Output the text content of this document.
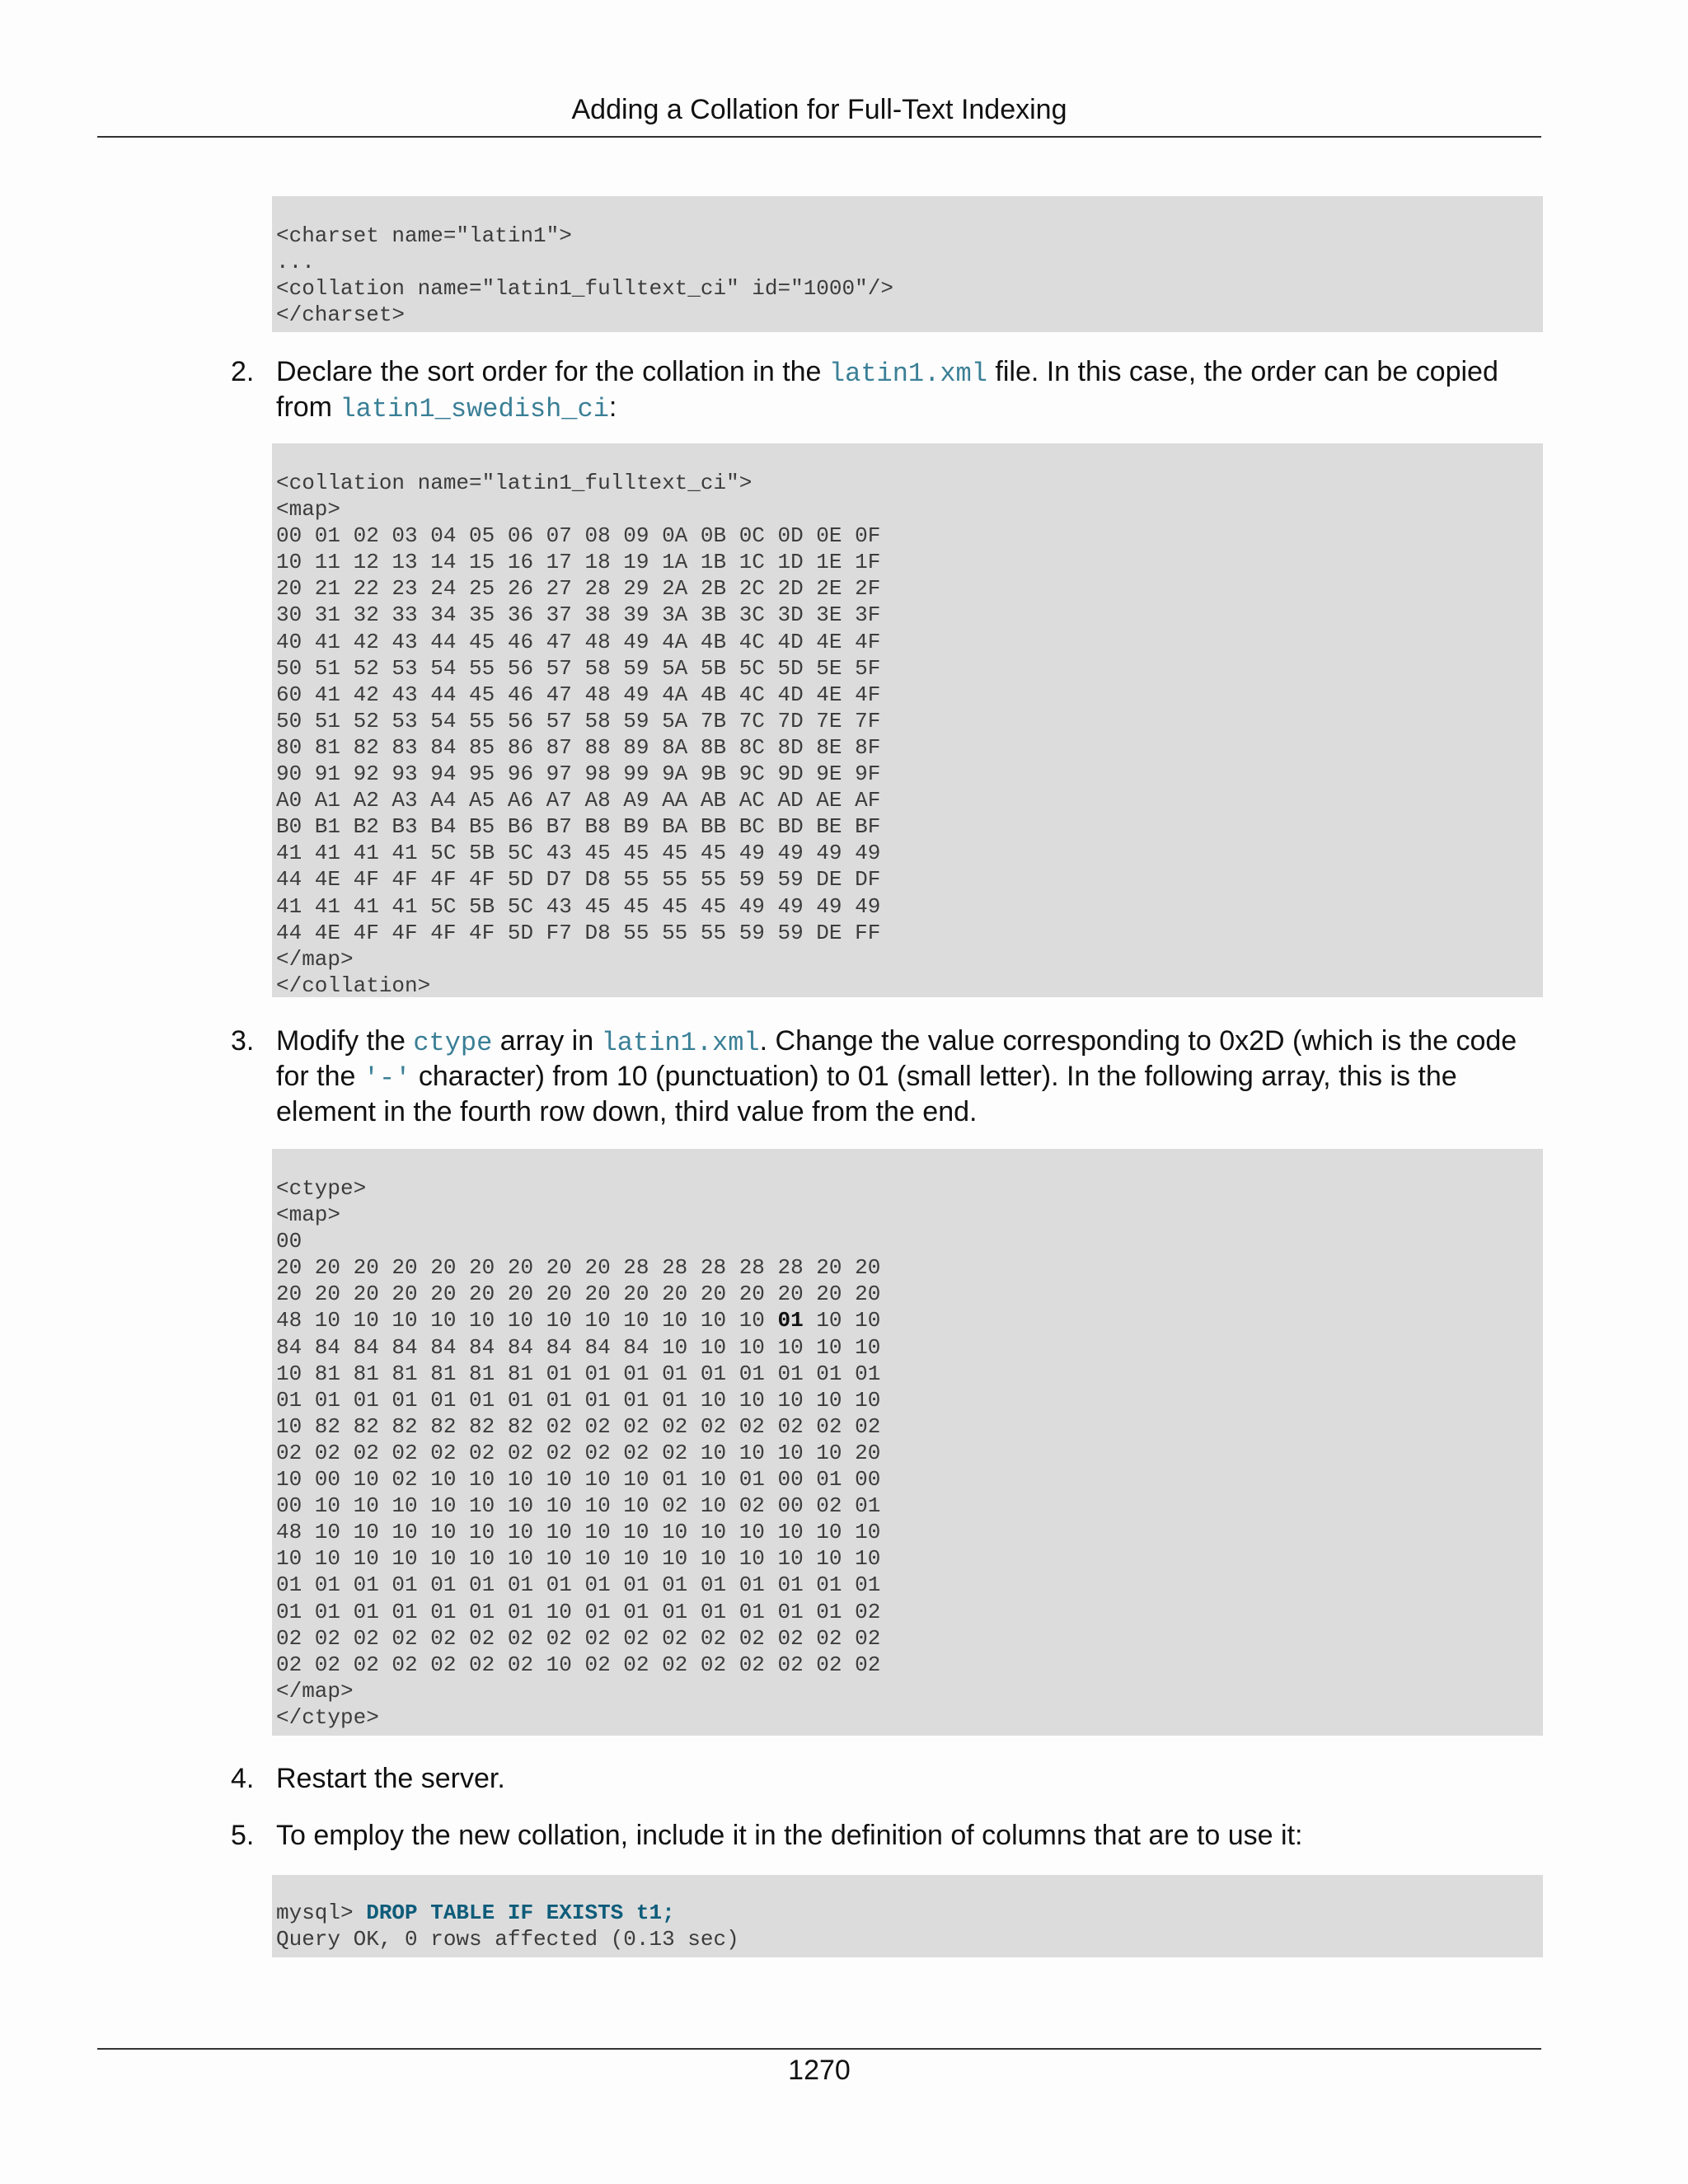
Adding a Collation for Full-Text Indexing
<charset name="latin1">
...
<collation name="latin1_fulltext_ci" id="1000"/>
</charset>
2. Declare the sort order for the collation in the latin1.xml file. In this case, the order can be copied from latin1_swedish_ci:
<collation name="latin1_fulltext_ci">
<map>
00 01 02 03 04 05 06 07 08 09 0A 0B 0C 0D 0E 0F
10 11 12 13 14 15 16 17 18 19 1A 1B 1C 1D 1E 1F
20 21 22 23 24 25 26 27 28 29 2A 2B 2C 2D 2E 2F
30 31 32 33 34 35 36 37 38 39 3A 3B 3C 3D 3E 3F
40 41 42 43 44 45 46 47 48 49 4A 4B 4C 4D 4E 4F
50 51 52 53 54 55 56 57 58 59 5A 5B 5C 5D 5E 5F
60 41 42 43 44 45 46 47 48 49 4A 4B 4C 4D 4E 4F
50 51 52 53 54 55 56 57 58 59 5A 7B 7C 7D 7E 7F
80 81 82 83 84 85 86 87 88 89 8A 8B 8C 8D 8E 8F
90 91 92 93 94 95 96 97 98 99 9A 9B 9C 9D 9E 9F
A0 A1 A2 A3 A4 A5 A6 A7 A8 A9 AA AB AC AD AE AF
B0 B1 B2 B3 B4 B5 B6 B7 B8 B9 BA BB BC BD BE BF
41 41 41 41 5C 5B 5C 43 45 45 45 45 49 49 49 49
44 4E 4F 4F 4F 4F 5D D7 D8 55 55 55 59 59 DE DF
41 41 41 41 5C 5B 5C 43 45 45 45 45 49 49 49 49
44 4E 4F 4F 4F 4F 5D F7 D8 55 55 55 59 59 DE FF
</map>
</collation>
3. Modify the ctype array in latin1.xml. Change the value corresponding to 0x2D (which is the code for the '-' character) from 10 (punctuation) to 01 (small letter). In the following array, this is the element in the fourth row down, third value from the end.
<ctype>
<map>
00
20 20 20 20 20 20 20 20 20 28 28 28 28 28 20 20
20 20 20 20 20 20 20 20 20 20 20 20 20 20 20 20
48 10 10 10 10 10 10 10 10 10 10 10 10 01 10 10
84 84 84 84 84 84 84 84 84 84 10 10 10 10 10 10
10 81 81 81 81 81 81 01 01 01 01 01 01 01 01 01
01 01 01 01 01 01 01 01 01 01 01 10 10 10 10 10
10 82 82 82 82 82 82 02 02 02 02 02 02 02 02 02
02 02 02 02 02 02 02 02 02 02 02 10 10 10 10 20
10 00 10 02 10 10 10 10 10 10 01 10 01 00 01 00
00 10 10 10 10 10 10 10 10 10 02 10 02 00 02 01
48 10 10 10 10 10 10 10 10 10 10 10 10 10 10 10
10 10 10 10 10 10 10 10 10 10 10 10 10 10 10 10
01 01 01 01 01 01 01 01 01 01 01 01 01 01 01 01
01 01 01 01 01 01 01 10 01 01 01 01 01 01 01 02
02 02 02 02 02 02 02 02 02 02 02 02 02 02 02 02
02 02 02 02 02 02 02 10 02 02 02 02 02 02 02 02
</map>
</ctype>
4. Restart the server.
5. To employ the new collation, include it in the definition of columns that are to use it:
mysql> DROP TABLE IF EXISTS t1;
Query OK, 0 rows affected (0.13 sec)
1270
